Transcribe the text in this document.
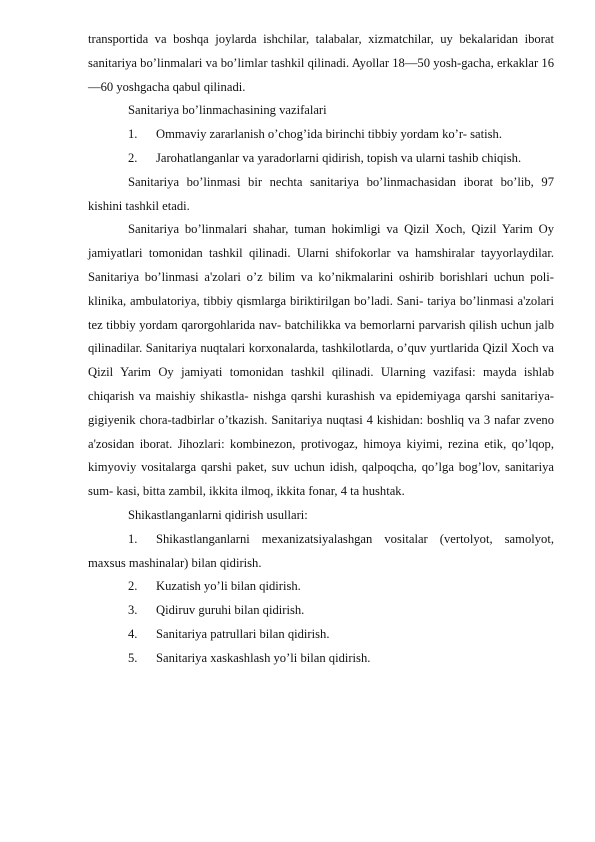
transportida va boshqa joylarda ishchilar, talabalar, xizmatchilar, uy bekalaridan iborat sanitariya bo’linmalari va bo’limlar tashkil qilinadi. Ayollar 18—50 yosh-gacha, erkaklar 16—60 yoshgacha qabul qilinadi.

Sanitariya bo’linmachasining vazifalari

1.	Ommaviy zararlanish o’chog’ida birinchi tibbiy yordam ko’r- satish.

2. Jarohatlanganlar va yaradorlarni qidirish, topish va ularni tashib chiqish.

Sanitariya bo’linmasi bir nechta sanitariya bo’linmachasidan iborat bo’lib, 97 kishini tashkil etadi.

Sanitariya bo’linmalari shahar, tuman hokimligi va Qizil Xoch, Qizil Yarim Oy jamiyatlari tomonidan tashkil qilinadi. Ularni shifokorlar va hamshiralar tayyorlaydilar. Sanitariya bo’linmasi a'zolari o’z bilim va ko’nikmalarini oshirib borishlari uchun poli- klinika, ambulatoriya, tibbiy qismlarga biriktirilgan bo’ladi. Sani- tariya bo’linmasi a'zolari tez tibbiy yordam qarorgohlarida nav- batchilikka va bemorlarni parvarish qilish uchun jalb qilinadilar. Sanitariya nuqtalari korxonalarda, tashkilotlarda, o’quv yurtlarida Qizil Xoch va Qizil Yarim Oy jamiyati tomonidan tashkil qilinadi. Ularning vazifasi: mayda ishlab chiqarish va maishiy shikastla- nishga qarshi kurashish va epidemiyaga qarshi sanitariya-gigiyenik chora-tadbirlar o’tkazish. Sanitariya nuqtasi 4 kishidan: boshliq va 3 nafar zveno a'zosidan iborat. Jihozlari: kombinezon, protivogaz, himoya kiyimi, rezina etik, qo’lqop, kimyoviy vositalarga qarshi paket, suv uchun idish, qalpoqcha, qo’lga bog’lov, sanitariya sum- kasi, bitta zambil, ikkita ilmoq, ikkita fonar, 4 ta hushtak.

Shikastlanganlarni qidirish usullari:

1. Shikastlanganlarni mexanizatsiyalashgan vositalar (vertolyot, samolyot, maxsus mashinalar) bilan qidirish.

2.	Kuzatish yo’li bilan qidirish.
3.	Qidiruv guruhi bilan qidirish.
4.	Sanitariya patrullari bilan qidirish.
5.	Sanitariya xaskashlash yo’li bilan qidirish.
